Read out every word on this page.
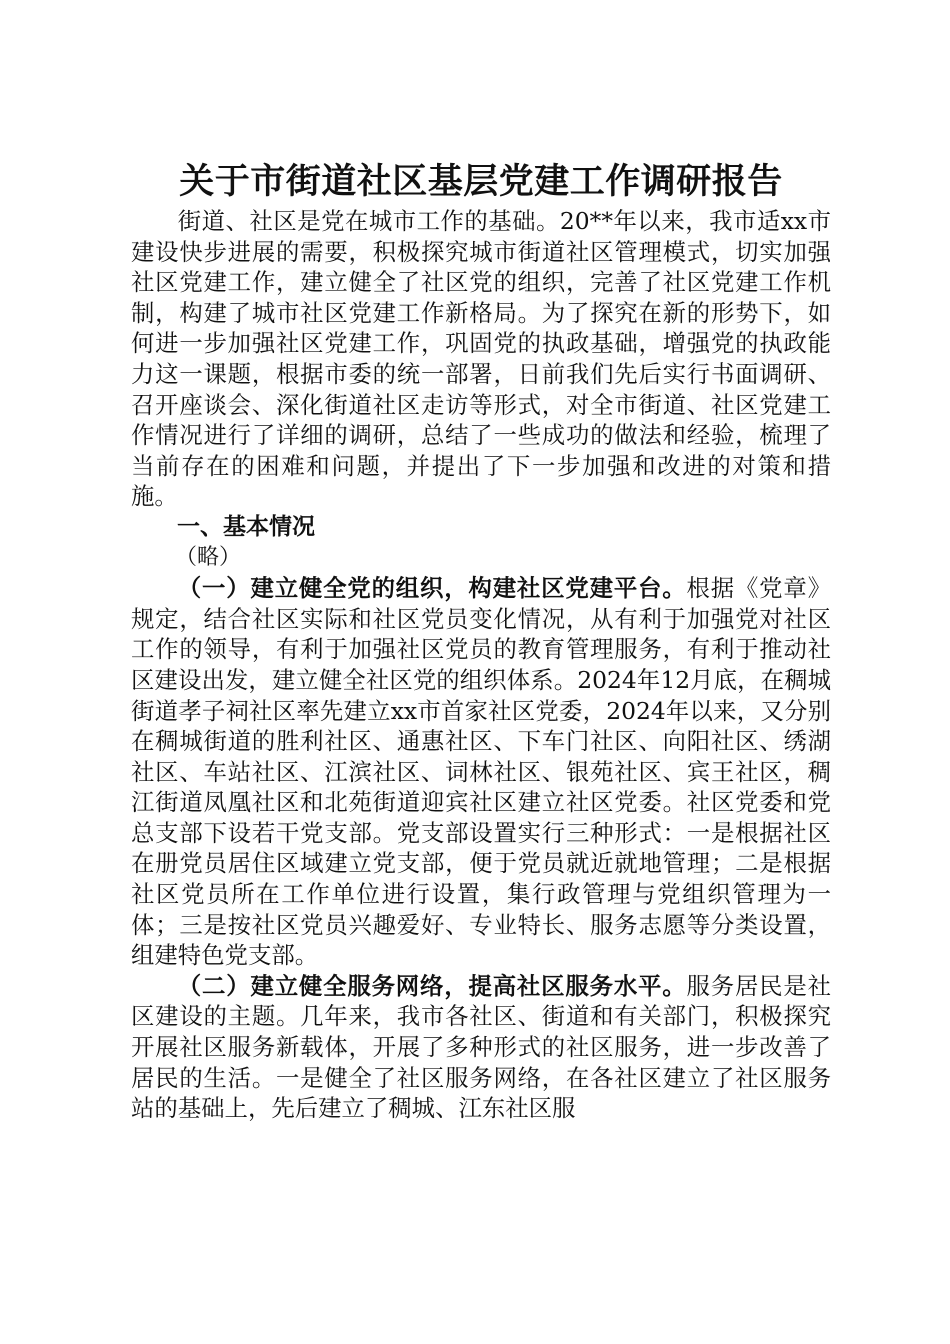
关于市街道社区基层党建工作调研报告

街道、社区是党在城市工作的基础。20**年以来，我市适xx市建设快步进展的需要，积极探究城市街道社区管理模式，切实加强社区党建工作，建立健全了社区党的组织，完善了社区党建工作机制，构建了城市社区党建工作新格局。为了探究在新的形势下，如何进一步加强社区党建工作，巩固党的执政基础，增强党的执政能力这一课题，根据市委的统一部署，日前我们先后实行书面调研、召开座谈会、深化街道社区走访等形式，对全市街道、社区党建工作情况进行了详细的调研，总结了一些成功的做法和经验，梳理了当前存在的困难和问题，并提出了下一步加强和改进的对策和措施。

一、基本情况

（略）

（一）建立健全党的组织，构建社区党建平台。根据《党章》规定，结合社区实际和社区党员变化情况，从有利于加强党对社区工作的领导，有利于加强社区党员的教育管理服务，有利于推动社区建设出发，建立健全社区党的组织体系。2024年12月底，在稠城街道孝子祠社区率先建立xx市首家社区党委，2024年以来，又分别在稠城街道的胜利社区、通惠社区、下车门社区、向阳社区、绣湖社区、车站社区、江滨社区、词林社区、银苑社区、宾王社区，稠江街道凤凰社区和北苑街道迎宾社区建立社区党委。社区党委和党总支部下设若干党支部。党支部设置实行三种形式：一是根据社区在册党员居住区域建立党支部，便于党员就近就地管理；二是根据社区党员所在工作单位进行设置，集行政管理与党组织管理为一体；三是按社区党员兴趣爱好、专业特长、服务志愿等分类设置，组建特色党支部。

（二）建立健全服务网络，提高社区服务水平。服务居民是社区建设的主题。几年来，我市各社区、街道和有关部门，积极探究开展社区服务新载体，开展了多种形式的社区服务，进一步改善了居民的生活。一是健全了社区服务网络，在各社区建立了社区服务站的基础上，先后建立了稠城、江东社区服
